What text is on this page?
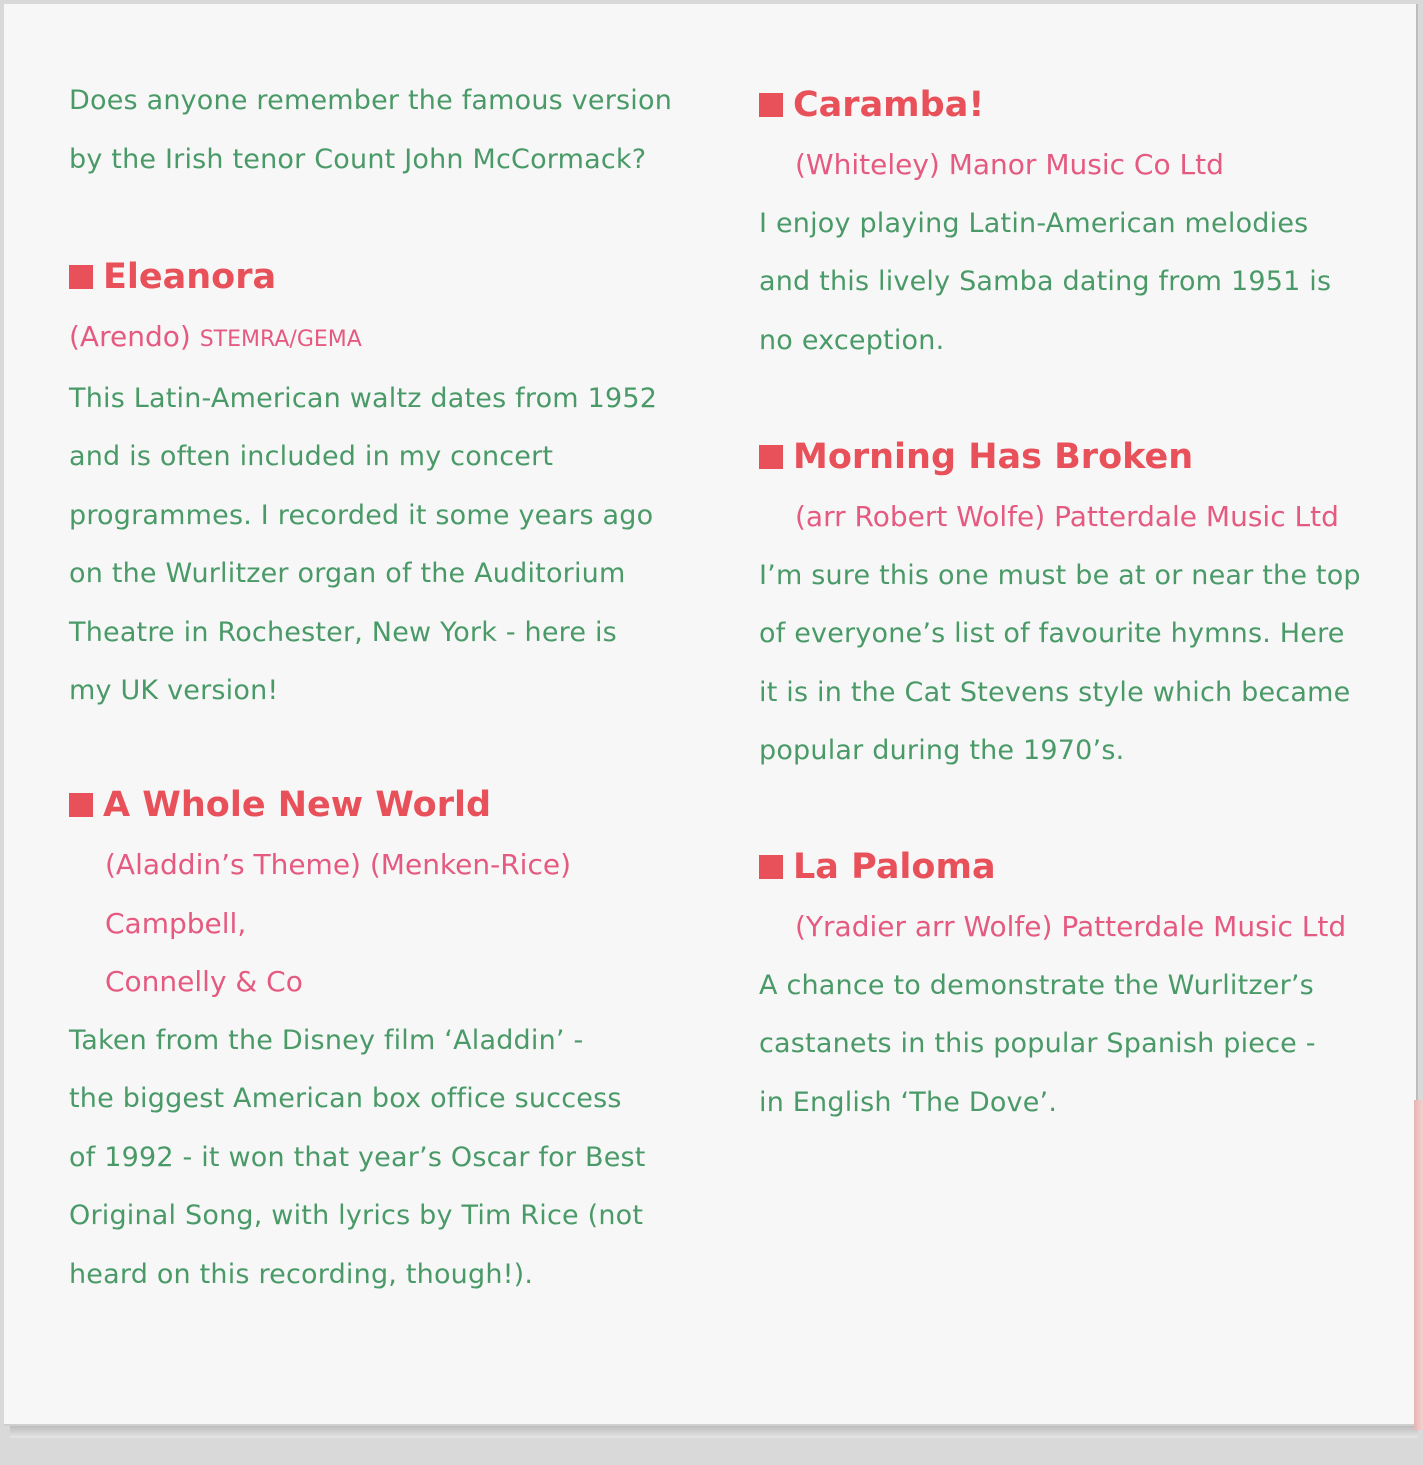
Does anyone remember the famous version

by the Irish tenor Count John McCormack?

Eleanora

(Arendo) STEMRA/GEMA

This Latin-American waltz dates from 1952

and is often included in my concert

programmes. I recorded it some years ago

on the Wurlitzer organ of the Auditorium

Theatre in Rochester, New York - here is

my UK version!

A Whole New World

(Aladdin’s Theme) (Menken-Rice) Campbell,

Connelly & Co

Taken from the Disney film ‘Aladdin’ -

the biggest American box office success

of 1992 - it won that year’s Oscar for Best

Original Song, with lyrics by Tim Rice (not

heard on this recording, though!).

Caramba!

(Whiteley) Manor Music Co Ltd

I enjoy playing Latin-American melodies

and this lively Samba dating from 1951 is

no exception.

Morning Has Broken

(arr Robert Wolfe) Patterdale Music Ltd

I’m sure this one must be at or near the top

of everyone’s list of favourite hymns. Here

it is in the Cat Stevens style which became

popular during the 1970’s.

La Paloma

(Yradier arr Wolfe) Patterdale Music Ltd

A chance to demonstrate the Wurlitzer’s

castanets in this popular Spanish piece -

in English ‘The Dove’.
